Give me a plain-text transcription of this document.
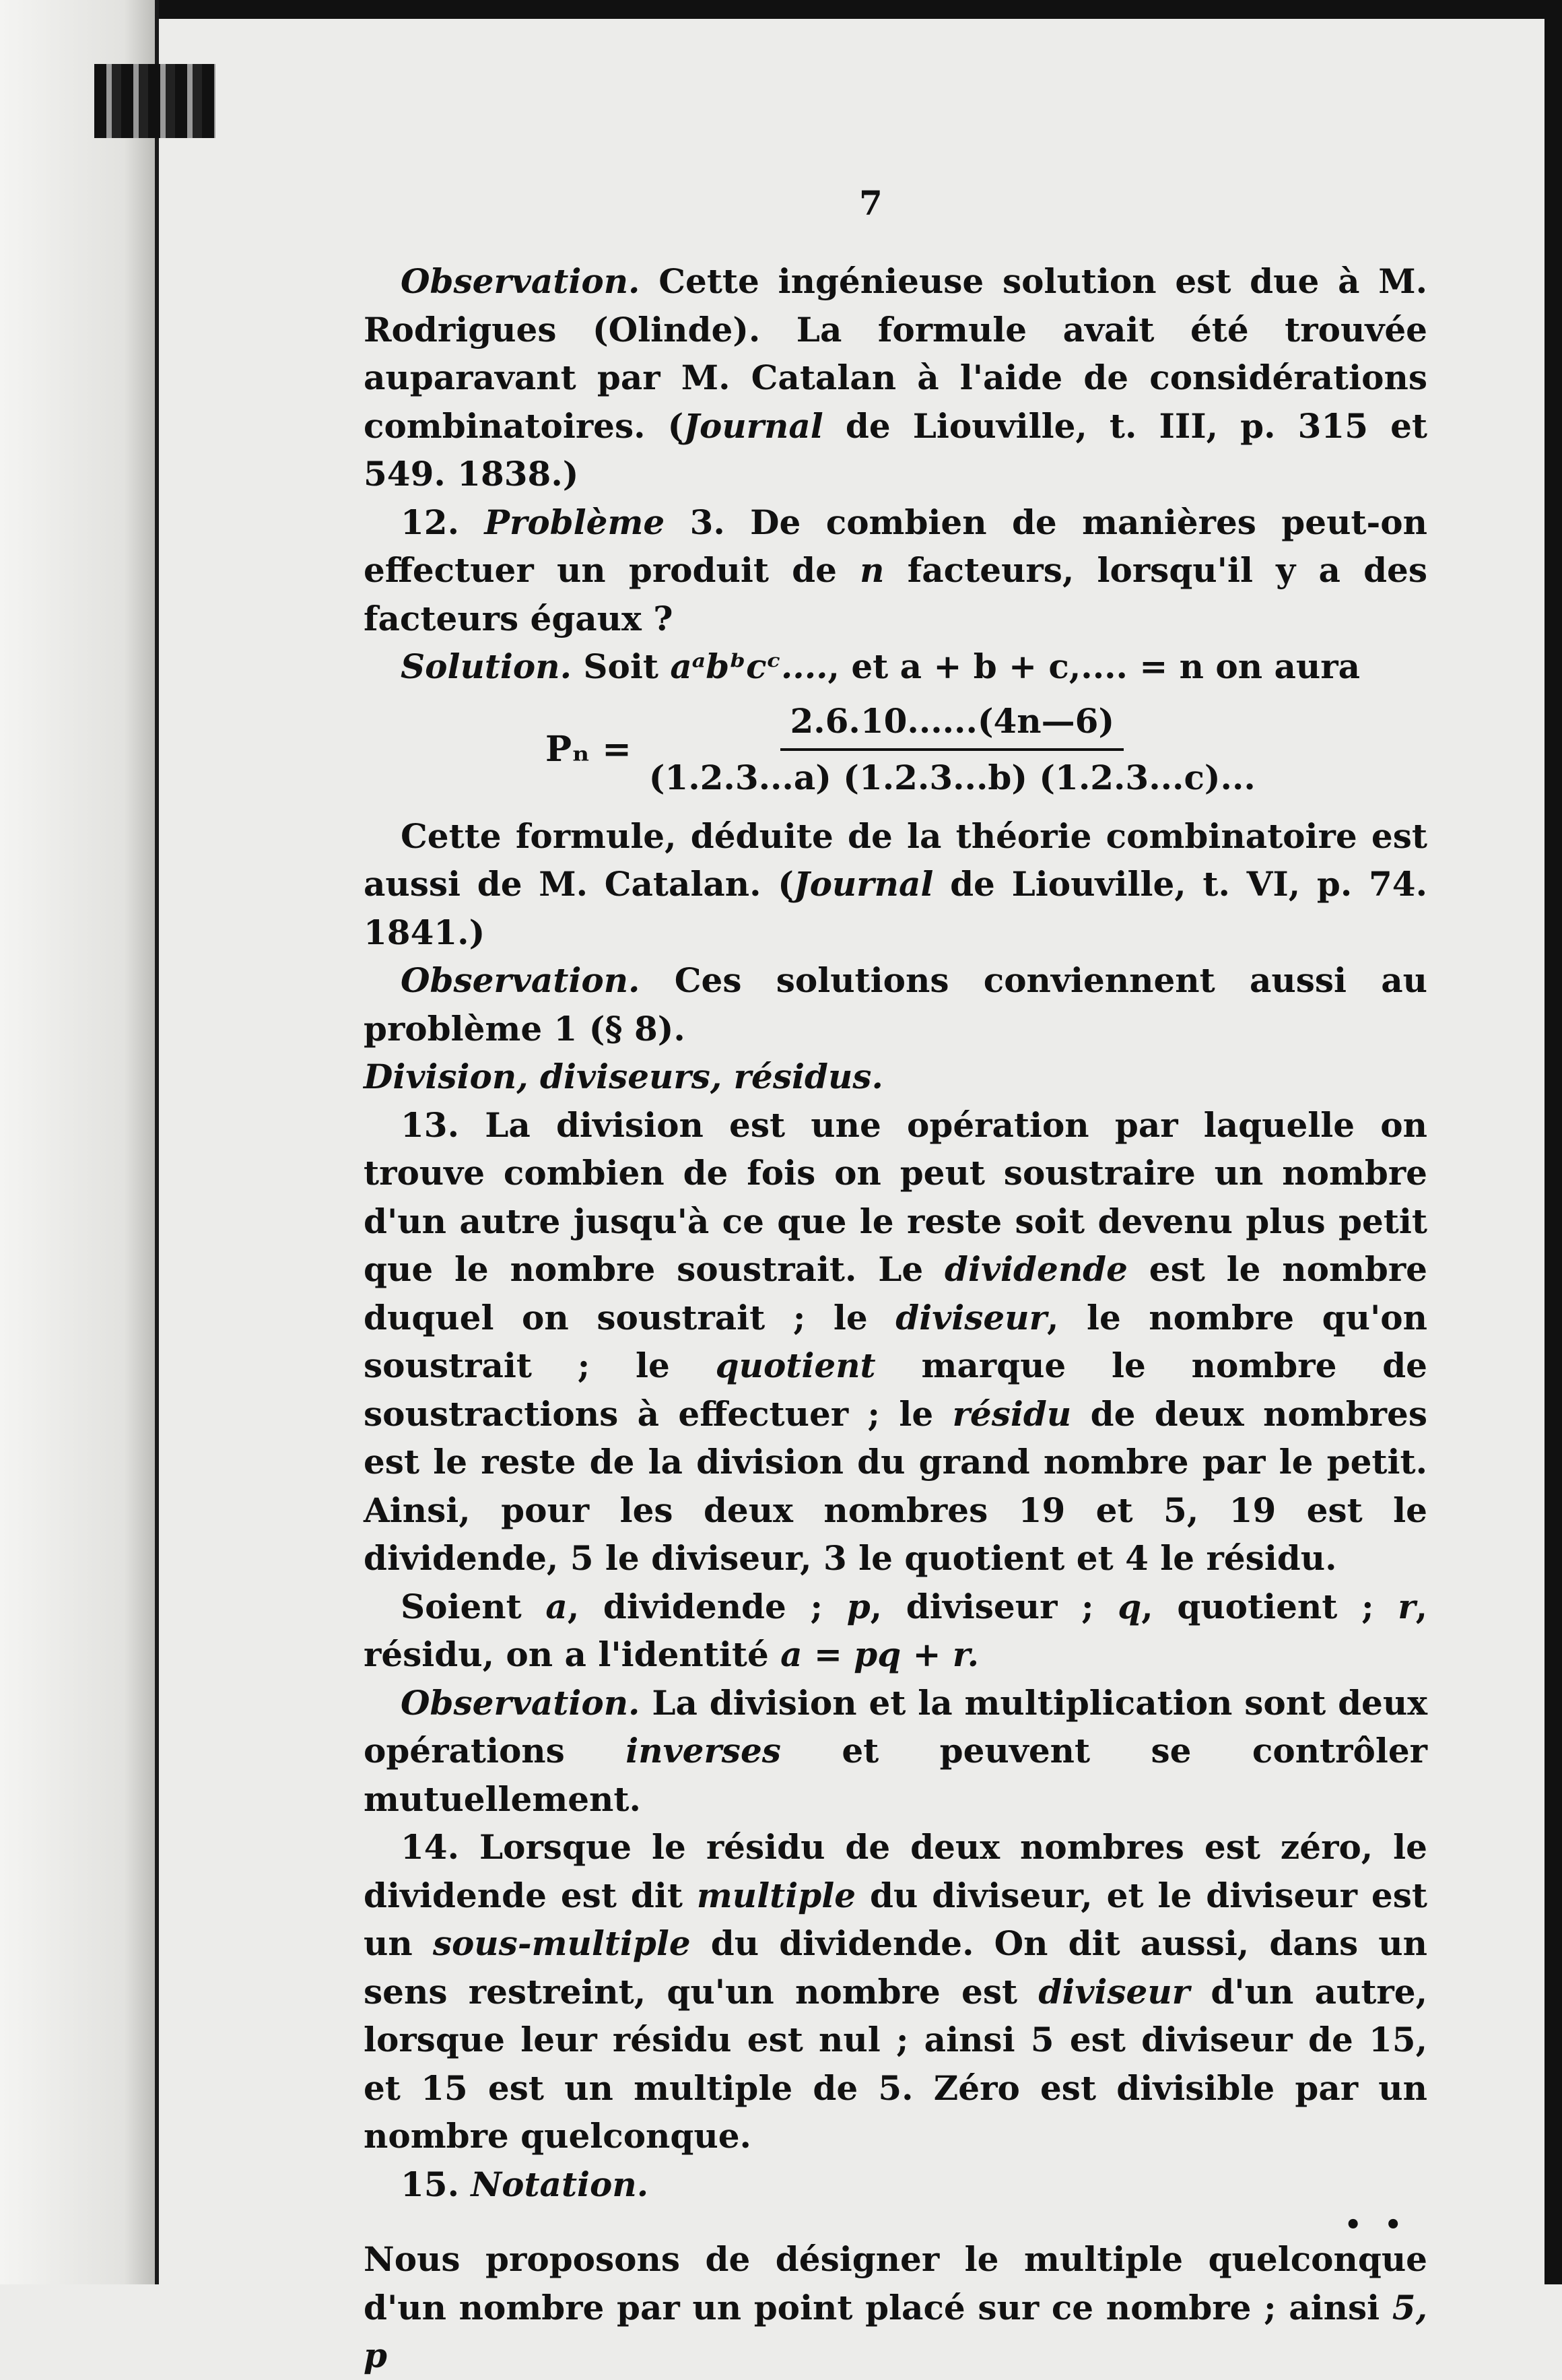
7

Observation. Cette ingénieuse solution est due à M. Rodrigues (Olinde). La formule avait été trouvée auparavant par M. Catalan à l'aide de considérations combinatoires. (Journal de Liouville, t. III, p. 315 et 549. 1838.)

12. Problème 3. De combien de manières peut-on effectuer un produit de n facteurs, lorsqu'il y a des facteurs égaux ?

Solution. Soit aᵃbᵇcᶜ...., et a + b + c,.... = n on aura

$P_n = \frac{2.6.10......(4n—6)}{(1.2.3...a) (1.2.3...b) (1.2.3...c)...}$

Cette formule, déduite de la théorie combinatoire est aussi de M. Catalan. (Journal de Liouville, t. VI, p. 74. 1841.)

Observation. Ces solutions conviennent aussi au problème 1 (§ 8).

Division, diviseurs, résidus.

13. La division est une opération par laquelle on trouve combien de fois on peut soustraire un nombre d'un autre jusqu'à ce que le reste soit devenu plus petit que le nombre soustrait. Le dividende est le nombre duquel on soustrait ; le diviseur, le nombre qu'on soustrait ; le quotient marque le nombre de soustractions à effectuer ; le résidu de deux nombres est le reste de la division du grand nombre par le petit. Ainsi, pour les deux nombres 19 et 5, 19 est le dividende, 5 le diviseur, 3 le quotient et 4 le résidu.

Soient a, dividende ; p, diviseur ; q, quotient ; r, résidu, on a l'identité a = pq + r.

Observation. La division et la multiplication sont deux opérations inverses et peuvent se contrôler mutuellement.

14. Lorsque le résidu de deux nombres est zéro, le dividende est dit multiple du diviseur, et le diviseur est un sous-multiple du dividende. On dit aussi, dans un sens restreint, qu'un nombre est diviseur d'un autre, lorsque leur résidu est nul ; ainsi 5 est diviseur de 15, et 15 est un multiple de 5. Zéro est divisible par un nombre quelconque.

15. Notation.
••
Nous proposons de désigner le multiple quelconque d'un nombre par un point placé sur ce nombre ; ainsi 5, p
